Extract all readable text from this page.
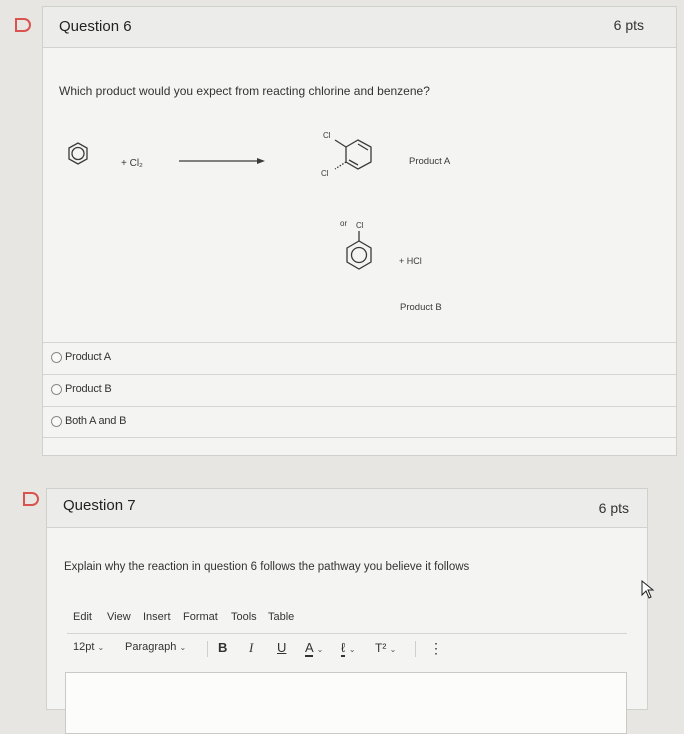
Question 6	6 pts
Which product would you expect from reacting chlorine and benzene?
+ Cl₂
Cl
Cl
Product A
or Cl
+ HCl
Product B
Product A
Product B
Both A and B
Question 7	6 pts
Explain why the reaction in question 6 follows the pathway you believe it follows
Edit View Insert Format Tools Table
12pt ⌄ Paragraph ⌄ B I U A ⌄ ℓ ⌄ T² ⌄ ⋮
